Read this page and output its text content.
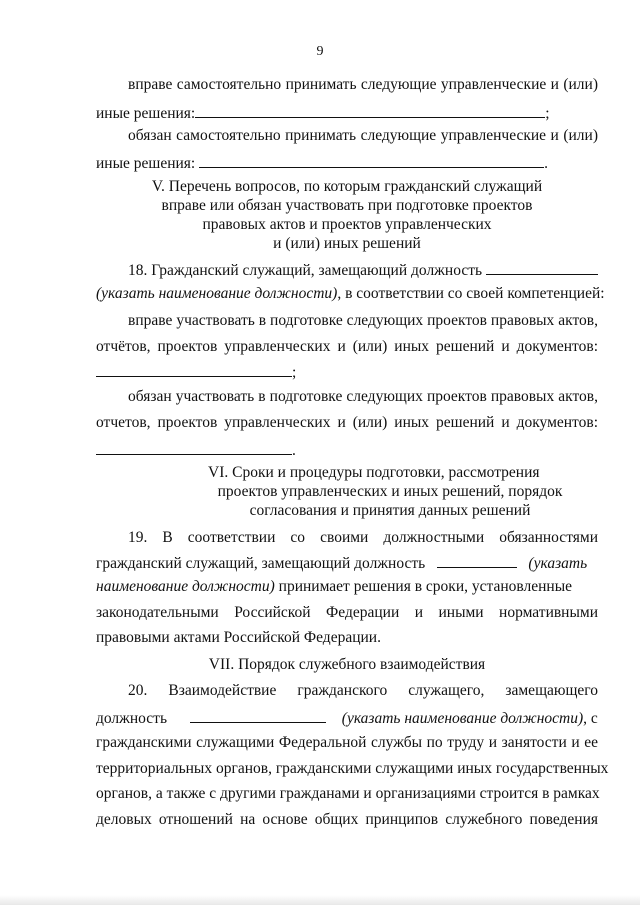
9
вправе самостоятельно принимать следующие управленческие и (или)
иные решения:	;
обязан самостоятельно принимать следующие управленческие и (или)
иные решения:	.
V. Перечень вопросов, по которым гражданский служащий
вправе или обязан участвовать при подготовке проектов
правовых актов и проектов управленческих
и (или) иных решений
18. Гражданский служащий, замещающий должность
(указать наименование должности), в соответствии со своей компетенцией:
вправе участвовать в подготовке следующих проектов правовых актов,
отчётов, проектов управленческих и (или) иных решений и документов:
;
обязан участвовать в подготовке следующих проектов правовых актов,
отчетов, проектов управленческих и (или) иных решений и документов:
.
VI. Сроки и процедуры подготовки, рассмотрения
проектов управленческих и иных решений, порядок
согласования и принятия данных решений
19. В соответствии со своими должностными обязанностями
гражданский служащий, замещающий должность	(указать
наименование должности) принимает решения в сроки, установленные
законодательными Российской Федерации и иными нормативными
правовыми актами Российской Федерации.
VII. Порядок служебного взаимодействия
20. Взаимодействие гражданского служащего, замещающего
должность	(указать наименование должности), с
гражданскими служащими Федеральной службы по труду и занятости и ее
территориальных органов, гражданскими служащими иных государственных
органов, а также с другими гражданами и организациями строится в рамках
деловых отношений на основе общих принципов служебного поведения
